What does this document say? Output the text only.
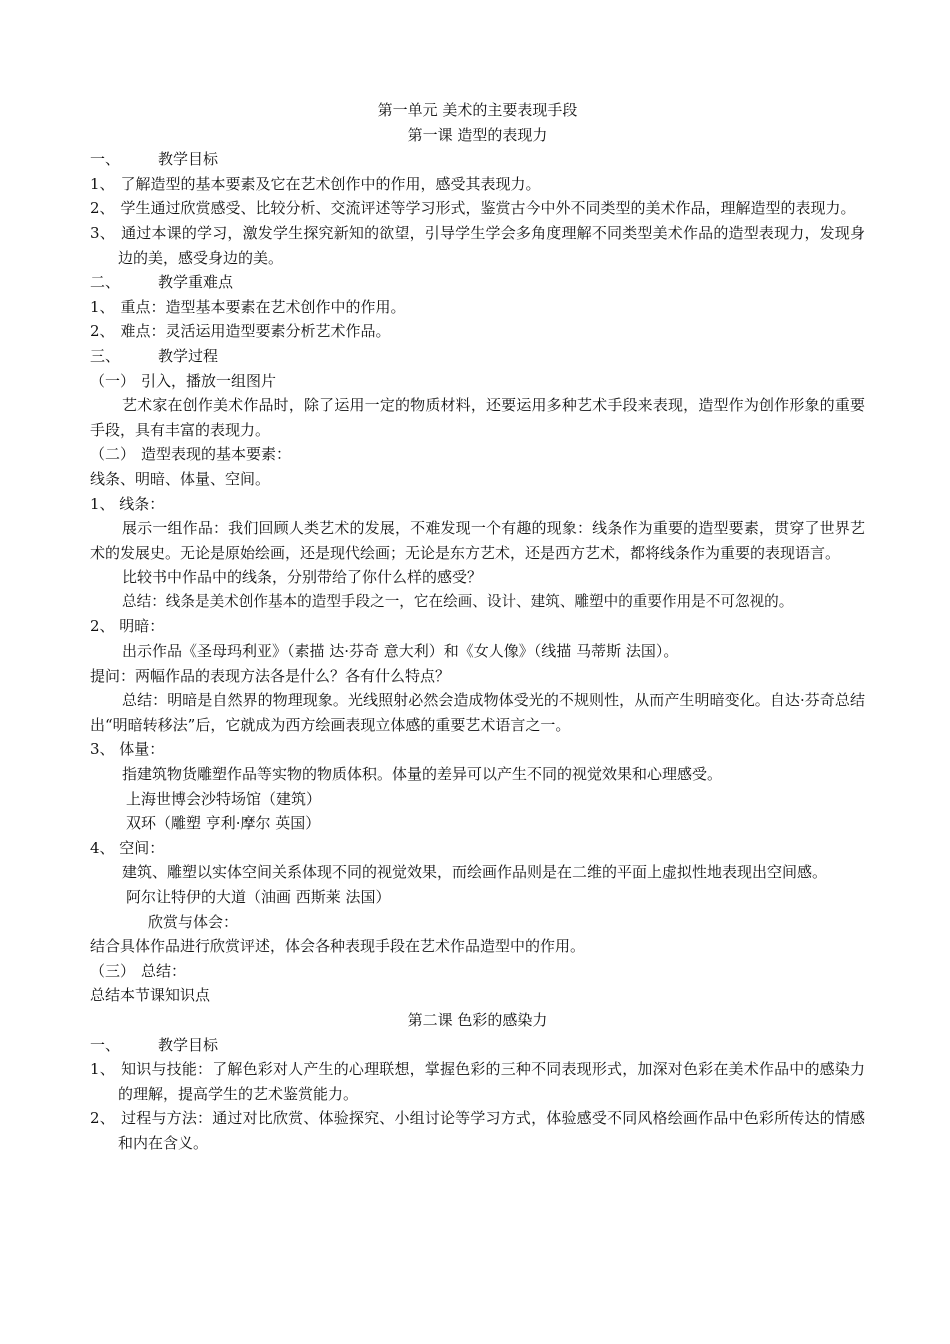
第一单元 美术的主要表现手段
第一课 造型的表现力
一、	教学目标
1、 了解造型的基本要素及它在艺术创作中的作用，感受其表现力。
2、 学生通过欣赏感受、比较分析、交流评述等学习形式，鉴赏古今中外不同类型的美术作品，理解造型的表现力。
3、 通过本课的学习，激发学生探究新知的欲望，引导学生学会多角度理解不同类型美术作品的造型表现力，发现身边的美，感受身边的美。
二、	教学重难点
1、 重点：造型基本要素在艺术创作中的作用。
2、 难点：灵活运用造型要素分析艺术作品。
三、	教学过程
（一） 引入，播放一组图片
艺术家在创作美术作品时，除了运用一定的物质材料，还要运用多种艺术手段来表现，造型作为创作形象的重要手段，具有丰富的表现力。
（二） 造型表现的基本要素：
线条、明暗、体量、空间。
1、 线条：
展示一组作品：我们回顾人类艺术的发展，不难发现一个有趣的现象：线条作为重要的造型要素，贯穿了世界艺术的发展史。无论是原始绘画，还是现代绘画；无论是东方艺术，还是西方艺术，都将线条作为重要的表现语言。
比较书中作品中的线条，分别带给了你什么样的感受？
总结：线条是美术创作基本的造型手段之一，它在绘画、设计、建筑、雕塑中的重要作用是不可忽视的。
2、 明暗：
出示作品《圣母玛利亚》（素描 达·芬奇 意大利）和《女人像》（线描 马蒂斯 法国）。
提问：两幅作品的表现方法各是什么？各有什么特点？
总结：明暗是自然界的物理现象。光线照射必然会造成物体受光的不规则性，从而产生明暗变化。自达·芬奇总结出“明暗转移法”后，它就成为西方绘画表现立体感的重要艺术语言之一。
3、 体量：
指建筑物货雕塑作品等实物的物质体积。体量的差异可以产生不同的视觉效果和心理感受。
上海世博会沙特场馆（建筑）
双环（雕塑 亨利·摩尔 英国）
4、 空间：
建筑、雕塑以实体空间关系体现不同的视觉效果，而绘画作品则是在二维的平面上虚拟性地表现出空间感。
阿尔让特伊的大道（油画 西斯莱 法国）
欣赏与体会：
结合具体作品进行欣赏评述，体会各种表现手段在艺术作品造型中的作用。
（三） 总结：
总结本节课知识点
第二课 色彩的感染力
一、	教学目标
1、 知识与技能：了解色彩对人产生的心理联想，掌握色彩的三种不同表现形式，加深对色彩在美术作品中的感染力的理解，提高学生的艺术鉴赏能力。
2、 过程与方法：通过对比欣赏、体验探究、小组讨论等学习方式，体验感受不同风格绘画作品中色彩所传达的情感和内在含义。
